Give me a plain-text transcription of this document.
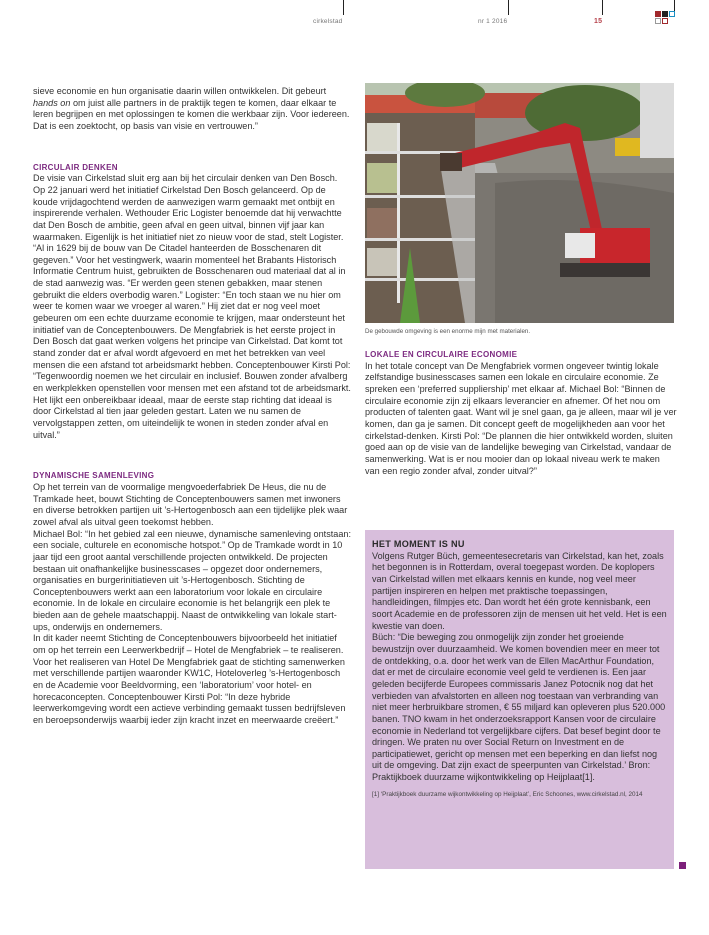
cirkelstad	nr 1 2016	15

sieve economie en hun organisatie daarin willen ontwikkelen. Dit gebeurt hands on om juist alle partners in de praktijk tegen te komen, daar elkaar te leren begrijpen en met oplossingen te komen die werkbaar zijn. Voor iedereen. Dat is een zoektocht, op basis van visie en vertrouwen.”

CIRCULAIR DENKEN

De visie van Cirkelstad sluit erg aan bij het circulair denken van Den Bosch. Op 22 januari werd het initiatief Cirkelstad Den Bosch gelanceerd. Op de koude vrijdagochtend werden de aanwezigen warm gemaakt met ontbijt en inspirerende verhalen. Wethouder Eric Logister benoemde dat hij verwachtte dat Den Bosch de ambitie, geen afval en geen uitval, binnen vijf jaar kan waarmaken. Eigenlijk is het initiatief niet zo nieuw voor de stad, stelt Logister. “Al in 1629 bij de bouw van De Citadel hanteerden de Bosschenaren dit gegeven.” Voor het vestingwerk, waarin momenteel het Brabants Historisch Informatie Centrum huist, gebruikten de Bosschenaren oud materiaal dat al in de stad aanwezig was. “Er werden geen stenen gebakken, maar stenen gebruikt die elders overbodig waren.” Logister: “En toch staan we nu hier om weer te komen waar we vroeger al waren.” Hij ziet dat er nog veel moet gebeuren om een echte duurzame economie te krijgen, maar ondersteunt het initiatief van de Conceptenbouwers. De Mengfabriek is het eerste project in Den Bosch dat gaat werken volgens het principe van Cirkelstad. Dat komt tot stand zonder dat er afval wordt afgevoerd en met het betrekken van veel mensen die een afstand tot arbeidsmarkt hebben. Conceptenbouwer Kirsti Pol: “Tegenwoordig noemen we het circulair en inclusief. Bouwen zonder afvalberg en werkplekken openstellen voor mensen met een afstand tot de arbeidsmarkt. Het lijkt een onbereikbaar ideaal, maar de eerste stap richting dat ideaal is door Cirkelstad al tien jaar geleden gestart. Laten we nu samen de vervolgstappen zetten, om uiteindelijk te wonen in steden zonder afval en uitval.”

DYNAMISCHE SAMENLEVING

Op het terrein van de voormalige mengvoederfabriek De Heus, die nu de Tramkade heet, bouwt Stichting de Conceptenbouwers samen met inwoners en diverse betrokken partijen uit ’s-Hertogenbosch aan een tijdelijke plek waar zowel afval als uitval geen toekomst hebben.

Michael Bol: “In het gebied zal een nieuwe, dynamische samenleving ontstaan: een sociale, culturele en economische hotspot.” Op de Tramkade wordt in 10 jaar tijd een groot aantal verschillende projecten ontwikkeld. De projecten bestaan uit onafhankelijke businesscases – opgezet door ondernemers, organisaties en burgerinitiatieven uit ’s-Hertogenbosch. Stichting de Conceptenbouwers werkt aan een laboratorium voor lokale en circulaire economie. In de lokale en circulaire economie is het belangrijk een plek te bieden aan de gehele maatschappij. Naast de ontwikkeling van lokale start-ups, onderwijs en ondernemers.

In dit kader neemt Stichting de Conceptenbouwers bijvoorbeeld het initiatief om op het terrein een Leerwerkbedrijf – Hotel de Mengfabriek – te realiseren. Voor het realiseren van Hotel De Mengfabriek gaat de stichting samenwerken met verschillende partijen waaronder KW1C, Hoteloverleg ’s-Hertogenbosch en de Academie voor Beeldvorming, een ‘laboratorium’ voor hotel- en horecaconcepten. Conceptenbouwer Kirsti Pol: “In deze hybride leerwerkomgeving wordt een actieve verbinding gemaakt tussen bedrijfsleven en beroepsonderwijs waarbij ieder zijn kracht inzet en meerwaarde creëert.”

De gebouwde omgeving is een enorme mijn met materialen.

LOKALE EN CIRCULAIRE ECONOMIE

In het totale concept van De Mengfabriek vormen ongeveer twintig lokale zelfstandige businesscases samen een lokale en circulaire economie. Ze spreken een ‘preferred suppliership’ met elkaar af. Michael Bol: “Binnen de circulaire economie zijn zij elkaars leverancier en afnemer. Of het nou om producten of talenten gaat. Want wil je snel gaan, ga je alleen, maar wil je ver komen, dan ga je samen. Dit concept geeft de mogelijkheden aan voor het cirkelstad-denken. Kirsti Pol: “De plannen die hier ontwikkeld worden, sluiten goed aan op de visie van de landelijke beweging van Cirkelstad, vandaar de samenwerking. Wat is er nou mooier dan op lokaal niveau werk te maken van een regio zonder afval, zonder uitval?”

HET MOMENT IS NU

Volgens Rutger Büch, gemeentesecretaris van Cirkelstad, kan het, zoals het begonnen is in Rotterdam, overal toegepast worden. De koplopers van Cirkelstad willen met elkaars kennis en kunde, nog veel meer partijen inspireren en helpen met praktische toepassingen, handleidingen, filmpjes etc. Dan wordt het één grote kennisbank, een soort Academie en de professoren zijn de mensen uit het veld. Het is een kwestie van doen.

Büch: “Die beweging zou onmogelijk zijn zonder het groeiende bewustzijn over duurzaamheid. We komen bovendien meer en meer tot de ontdekking, o.a. door het werk van de Ellen MacArthur Foundation, dat er met de circulaire economie veel geld te verdienen is. Een jaar geleden becijferde Europees commissaris Janez Potocnik nog dat het verbieden van afvalstorten en alleen nog toestaan van verbranding van niet meer herbruikbare stromen, € 55 miljard kan opleveren plus 520.000 banen. TNO kwam in het onderzoeksrapport Kansen voor de circulaire economie in Nederland tot vergelijkbare cijfers. Dat besef begint door te dringen. We praten nu over Social Return on Investment en de participatiewet, gericht op mensen met een beperking en dan liefst nog uit de omgeving. Dat zijn exact de speerpunten van Cirkelstad.’ Bron: Praktijkboek duurzame wijkontwikkeling op Heijplaat[1].

[1] ‘Praktijkboek duurzame wijkontwikkeling op Heijplaat’, Eric Schoones, www.cirkelstad.nl, 2014
